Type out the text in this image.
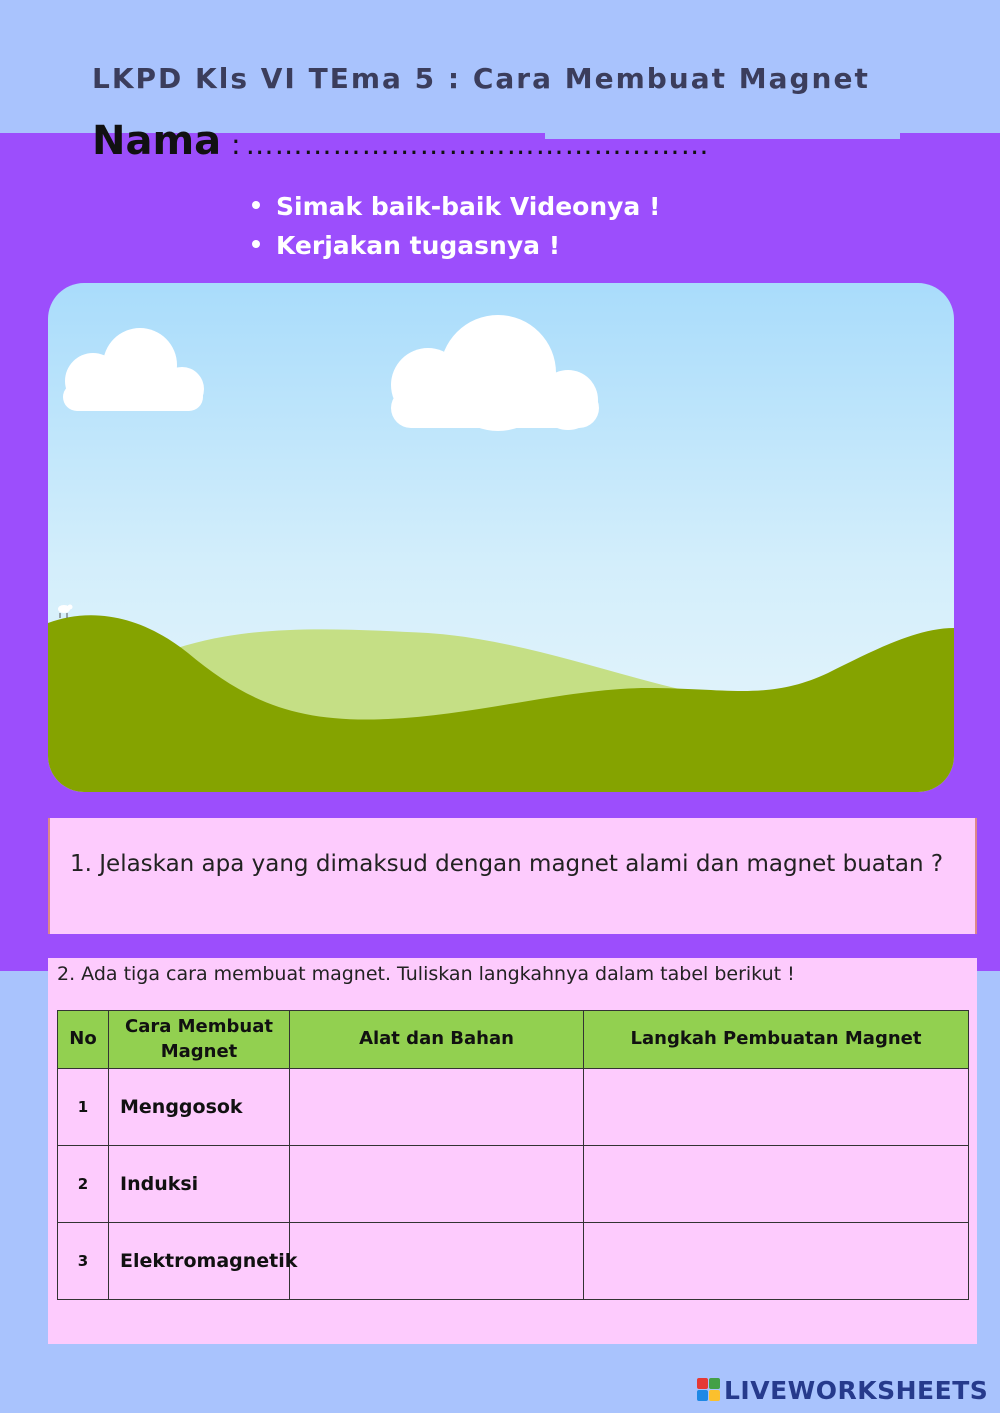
LKPD Kls VI TEma 5 : Cara Membuat Magnet
Nama : …………………………………………
Simak baik-baik Videonya !
Kerjakan tugasnya !
1. Jelaskan apa yang dimaksud dengan magnet alami dan magnet buatan ?
2. Ada tiga cara membuat magnet. Tuliskan langkahnya dalam tabel berikut !
No	Cara Membuat Magnet	Alat dan Bahan	Langkah Pembuatan Magnet
1	Menggosok		
2	Induksi		
3	Elektromagnetik		
LIVEWORKSHEETS
